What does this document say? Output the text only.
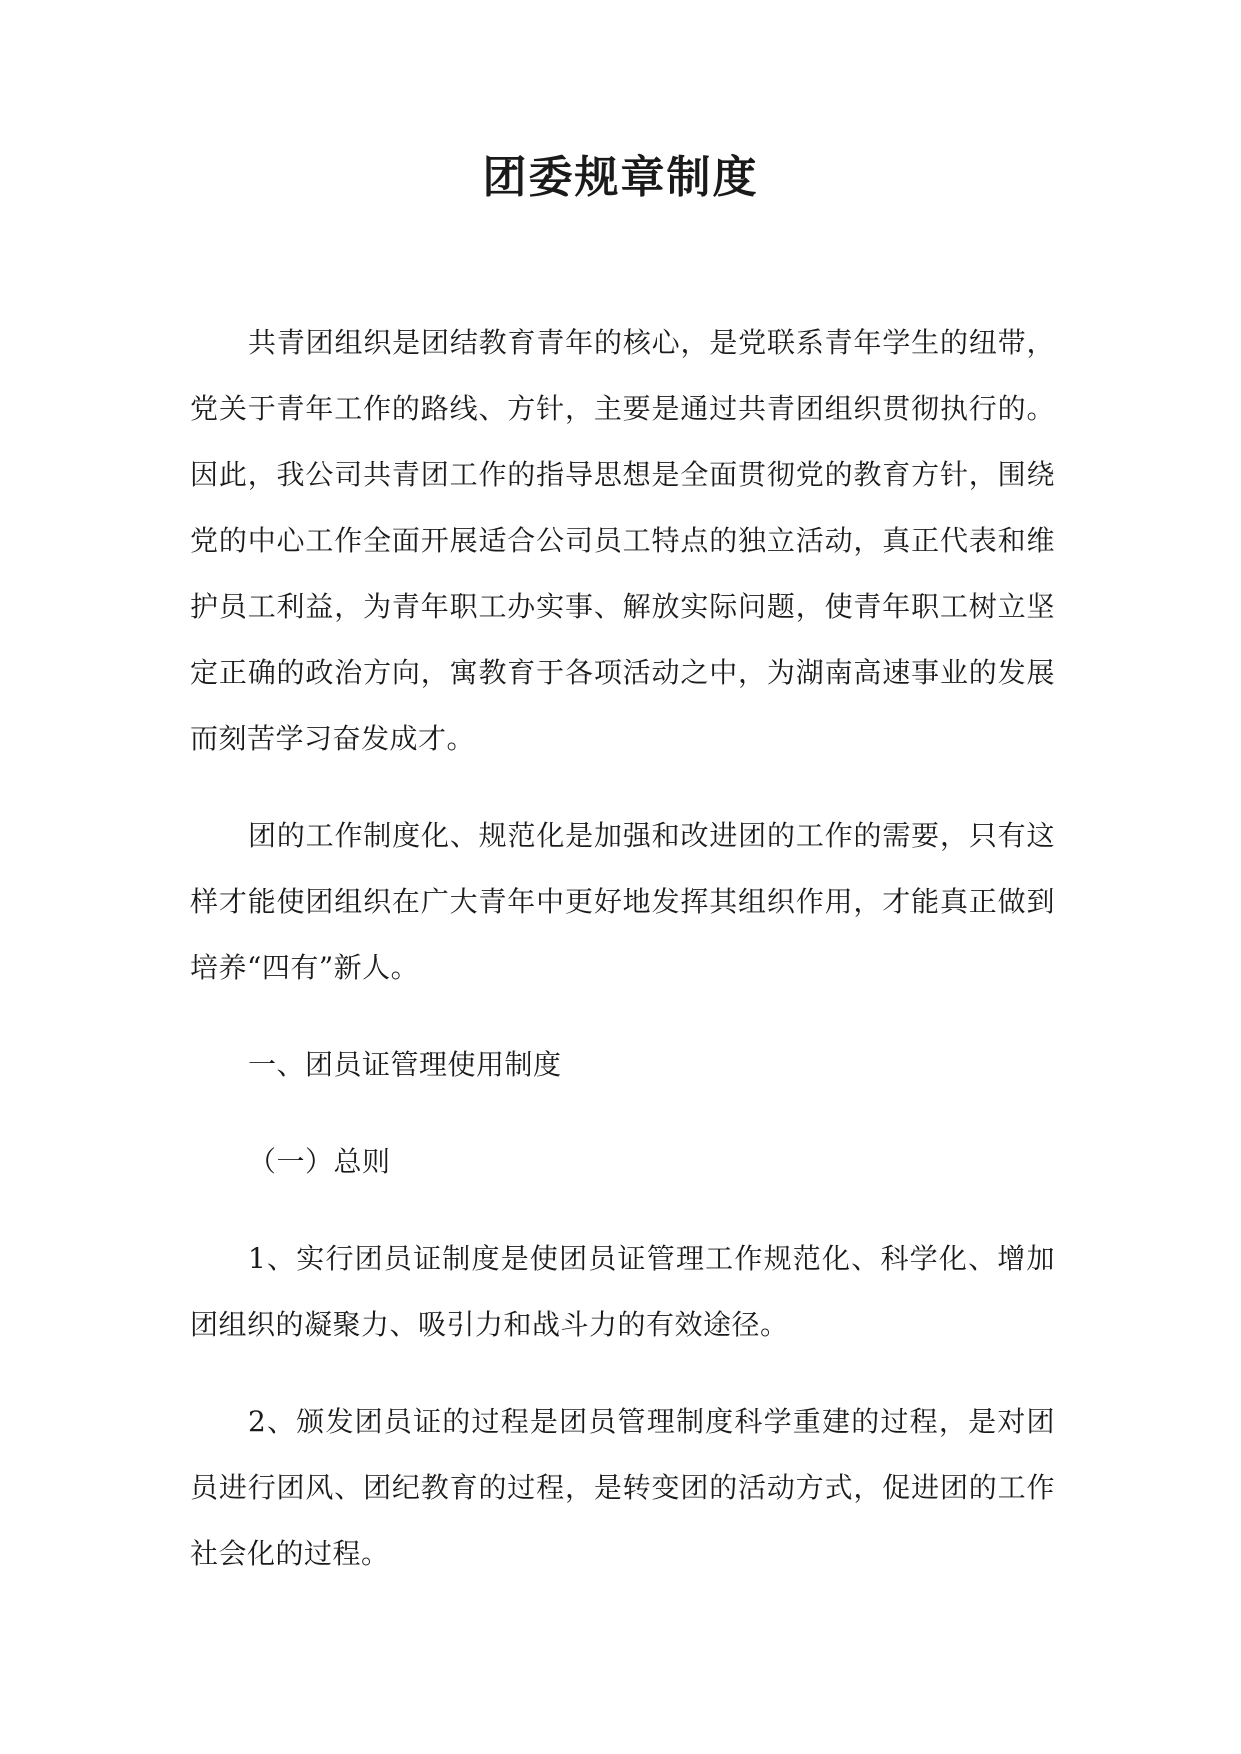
团委规章制度

共青团组织是团结教育青年的核心，是党联系青年学生的纽带，党关于青年工作的路线、方针，主要是通过共青团组织贯彻执行的。因此，我公司共青团工作的指导思想是全面贯彻党的教育方针，围绕党的中心工作全面开展适合公司员工特点的独立活动，真正代表和维护员工利益，为青年职工办实事、解放实际问题，使青年职工树立坚定正确的政治方向，寓教育于各项活动之中，为湖南高速事业的发展而刻苦学习奋发成才。

团的工作制度化、规范化是加强和改进团的工作的需要，只有这样才能使团组织在广大青年中更好地发挥其组织作用，才能真正做到培养“四有”新人。

一、团员证管理使用制度

（一）总则

1、实行团员证制度是使团员证管理工作规范化、科学化、增加团组织的凝聚力、吸引力和战斗力的有效途径。

2、颁发团员证的过程是团员管理制度科学重建的过程，是对团员进行团风、团纪教育的过程，是转变团的活动方式，促进团的工作社会化的过程。
